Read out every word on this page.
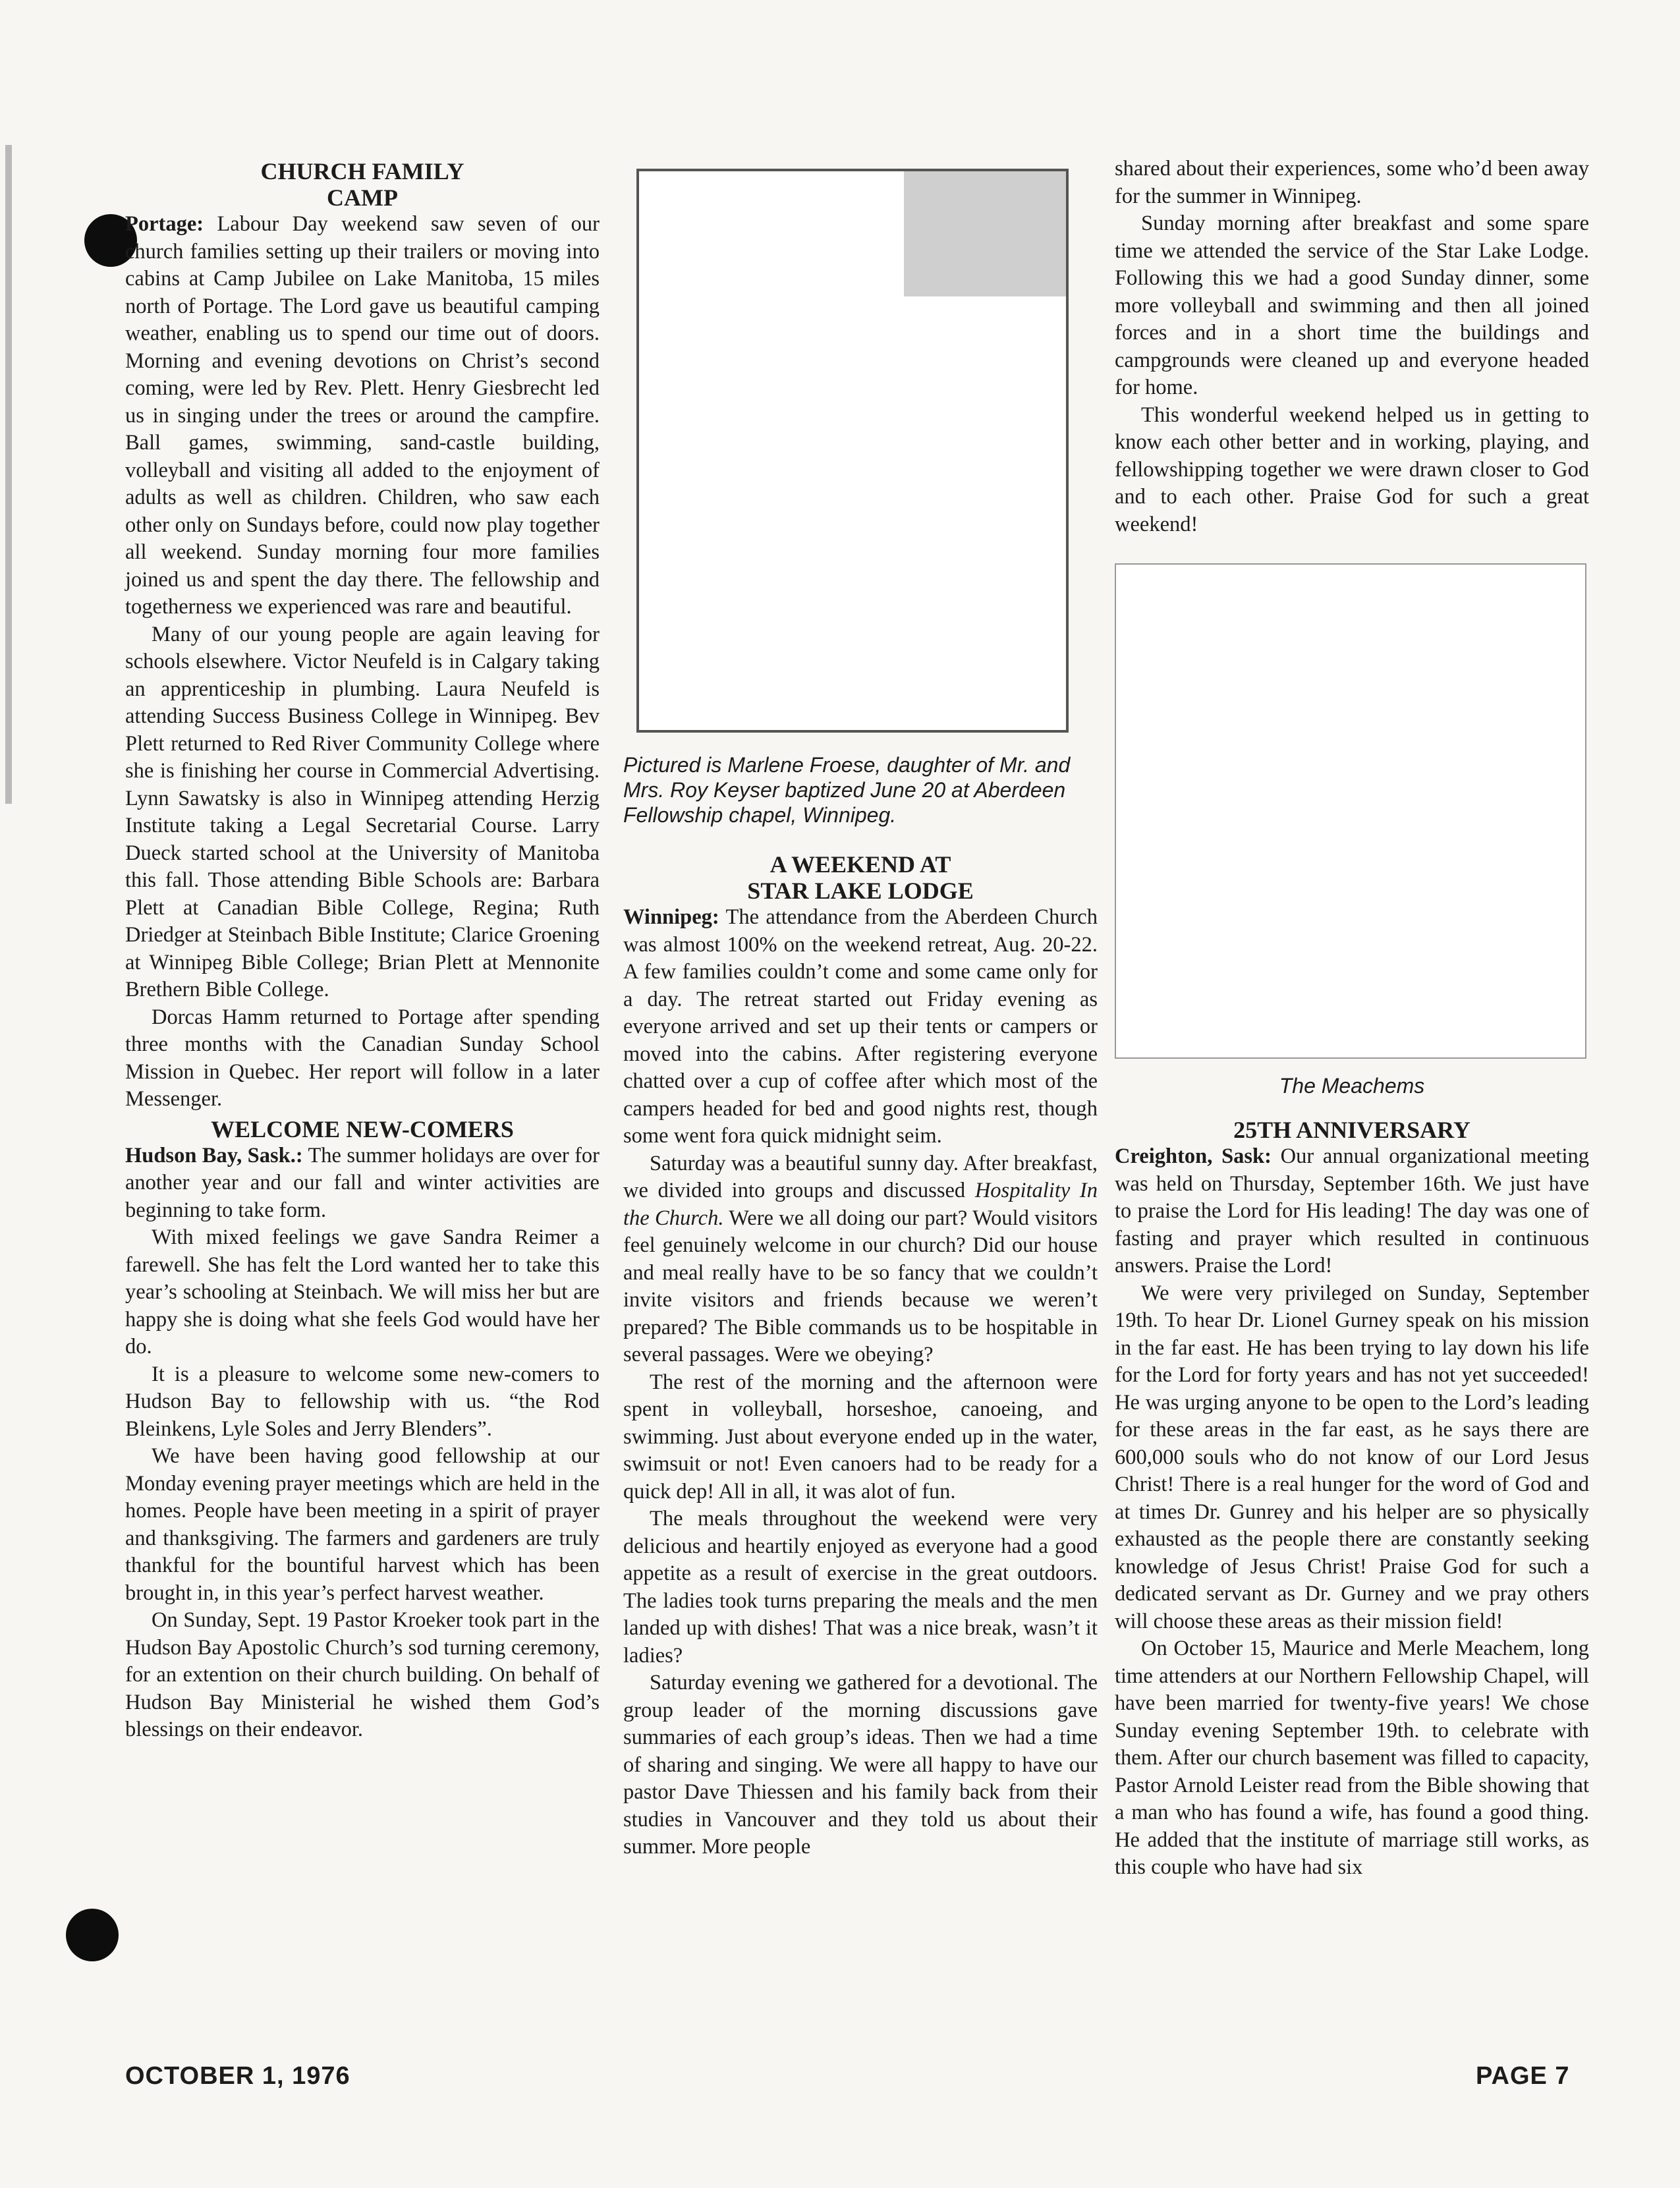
CHURCH FAMILY
CAMP

Portage: Labour Day weekend saw seven of our church families setting up their trailers or moving into cabins at Camp Jubilee on Lake Manitoba, 15 miles north of Portage. The Lord gave us beautiful camping weather, enabling us to spend our time out of doors. Morning and evening devotions on Christ’s second coming, were led by Rev. Plett. Henry Giesbrecht led us in singing under the trees or around the campfire. Ball games, swimming, sand-castle building, volleyball and visiting all added to the enjoyment of adults as well as children. Children, who saw each other only on Sundays before, could now play together all weekend. Sunday morning four more families joined us and spent the day there. The fellowship and togetherness we experienced was rare and beautiful.

Many of our young people are again leaving for schools elsewhere. Victor Neufeld is in Calgary taking an apprenticeship in plumbing. Laura Neufeld is attending Success Business College in Winnipeg. Bev Plett returned to Red River Community College where she is finishing her course in Commercial Advertising. Lynn Sawatsky is also in Winnipeg attending Herzig Institute taking a Legal Secretarial Course. Larry Dueck started school at the University of Manitoba this fall. Those attending Bible Schools are: Barbara Plett at Canadian Bible College, Regina; Ruth Driedger at Steinbach Bible Institute; Clarice Groening at Winnipeg Bible College; Brian Plett at Mennonite Brethern Bible College.

Dorcas Hamm returned to Portage after spending three months with the Canadian Sunday School Mission in Quebec. Her report will follow in a later Messenger.

WELCOME NEW-COMERS

Hudson Bay, Sask.: The summer holidays are over for another year and our fall and winter activities are beginning to take form.

With mixed feelings we gave Sandra Reimer a farewell. She has felt the Lord wanted her to take this year’s schooling at Steinbach. We will miss her but are happy she is doing what she feels God would have her do.

It is a pleasure to welcome some new-comers to Hudson Bay to fellowship with us. “the Rod Bleinkens, Lyle Soles and Jerry Blenders”.

We have been having good fellowship at our Monday evening prayer meetings which are held in the homes. People have been meeting in a spirit of prayer and thanksgiving. The farmers and gardeners are truly thankful for the bountiful harvest which has been brought in, in this year’s perfect harvest weather.

On Sunday, Sept. 19 Pastor Kroeker took part in the Hudson Bay Apostolic Church’s sod turning ceremony, for an extention on their church building. On behalf of Hudson Bay Ministerial he wished them God’s blessings on their endeavor.

Pictured is Marlene Froese, daughter of Mr. and Mrs. Roy Keyser baptized June 20 at Aberdeen Fellowship chapel, Winnipeg.
A WEEKEND AT
STAR LAKE LODGE

Winnipeg: The attendance from the Aberdeen Church was almost 100% on the weekend retreat, Aug. 20-22. A few families couldn’t come and some came only for a day. The retreat started out Friday evening as everyone arrived and set up their tents or campers or moved into the cabins. After registering everyone chatted over a cup of coffee after which most of the campers headed for bed and good nights rest, though some went fora quick midnight seim.

Saturday was a beautiful sunny day. After breakfast, we divided into groups and discussed Hospitality In the Church. Were we all doing our part? Would visitors feel genuinely welcome in our church? Did our house and meal really have to be so fancy that we couldn’t invite visitors and friends because we weren’t prepared? The Bible commands us to be hospitable in several passages. Were we obeying?

The rest of the morning and the afternoon were spent in volleyball, horseshoe, canoeing, and swimming. Just about everyone ended up in the water, swimsuit or not! Even canoers had to be ready for a quick dep! All in all, it was alot of fun.

The meals throughout the weekend were very delicious and heartily enjoyed as everyone had a good appetite as a result of exercise in the great outdoors. The ladies took turns preparing the meals and the men landed up with dishes! That was a nice break, wasn’t it ladies?

Saturday evening we gathered for a devotional. The group leader of the morning discussions gave summaries of each group’s ideas. Then we had a time of sharing and singing. We were all happy to have our pastor Dave Thiessen and his family back from their studies in Vancouver and they told us about their summer. More people

shared about their experiences, some who’d been away for the summer in Winnipeg.

Sunday morning after breakfast and some spare time we attended the service of the Star Lake Lodge. Following this we had a good Sunday dinner, some more volleyball and swimming and then all joined forces and in a short time the buildings and campgrounds were cleaned up and everyone headed for home.

This wonderful weekend helped us in getting to know each other better and in working, playing, and fellowshipping together we were drawn closer to God and to each other. Praise God for such a great weekend!

The Meachems
25TH ANNIVERSARY

Creighton, Sask: Our annual organizational meeting was held on Thursday, September 16th. We just have to praise the Lord for His leading! The day was one of fasting and prayer which resulted in continuous answers. Praise the Lord!

We were very privileged on Sunday, September 19th. To hear Dr. Lionel Gurney speak on his mission in the far east. He has been trying to lay down his life for the Lord for forty years and has not yet succeeded! He was urging anyone to be open to the Lord’s leading for these areas in the far east, as he says there are 600,000 souls who do not know of our Lord Jesus Christ! There is a real hunger for the word of God and at times Dr. Gunrey and his helper are so physically exhausted as the people there are constantly seeking knowledge of Jesus Christ! Praise God for such a dedicated servant as Dr. Gurney and we pray others will choose these areas as their mission field!

On October 15, Maurice and Merle Meachem, long time attenders at our Northern Fellowship Chapel, will have been married for twenty-five years! We chose Sunday evening September 19th. to celebrate with them. After our church basement was filled to capacity, Pastor Arnold Leister read from the Bible showing that a man who has found a wife, has found a good thing. He added that the institute of marriage still works, as this couple who have had six

OCTOBER 1, 1976	PAGE 7
